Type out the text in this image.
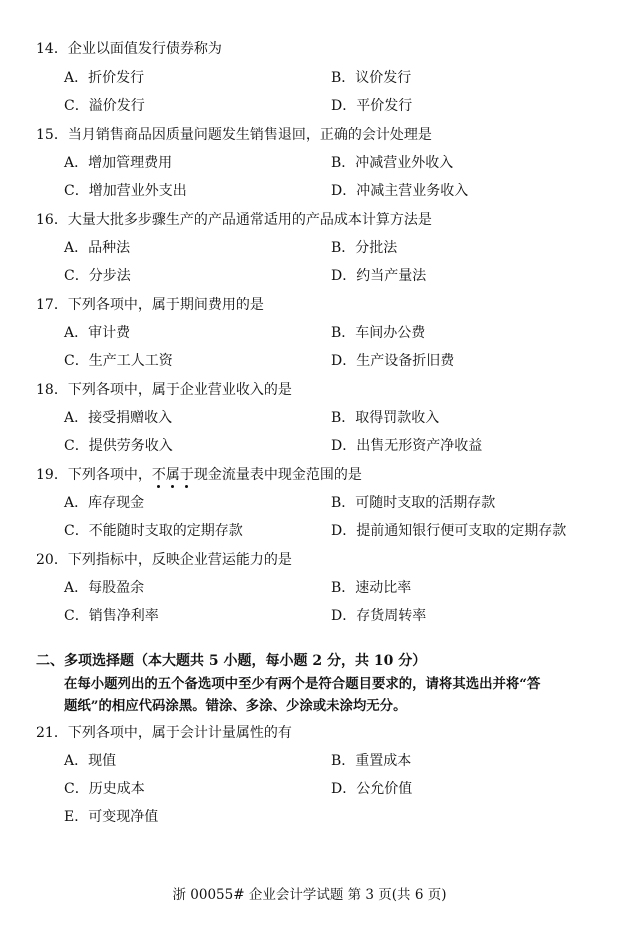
14．企业以面值发行债券称为
A．折价发行	B．议价发行
C．溢价发行	D．平价发行
15．当月销售商品因质量问题发生销售退回，正确的会计处理是
A．增加管理费用	B．冲减营业外收入
C．增加营业外支出	D．冲减主营业务收入
16．大量大批多步骤生产的产品通常适用的产品成本计算方法是
A．品种法	B．分批法
C．分步法	D．约当产量法
17．下列各项中，属于期间费用的是
A．审计费	B．车间办公费
C．生产工人工资	D．生产设备折旧费
18．下列各项中，属于企业营业收入的是
A．接受捐赠收入	B．取得罚款收入
C．提供劳务收入	D．出售无形资产净收益
19．下列各项中，不属于现金流量表中现金范围的是
A．库存现金	B．可随时支取的活期存款
C．不能随时支取的定期存款	D．提前通知银行便可支取的定期存款
20．下列指标中，反映企业营运能力的是
A．每股盈余	B．速动比率
C．销售净利率	D．存货周转率
二、多项选择题（本大题共 5 小题，每小题 2 分，共 10 分）
在每小题列出的五个备选项中至少有两个是符合题目要求的，请将其选出并将“答
题纸”的相应代码涂黑。错涂、多涂、少涂或未涂均无分。
21．下列各项中，属于会计计量属性的有
A．现值	B．重置成本
C．历史成本	D．公允价值
E．可变现净值
浙 00055# 企业会计学试题 第 3 页(共 6 页)
